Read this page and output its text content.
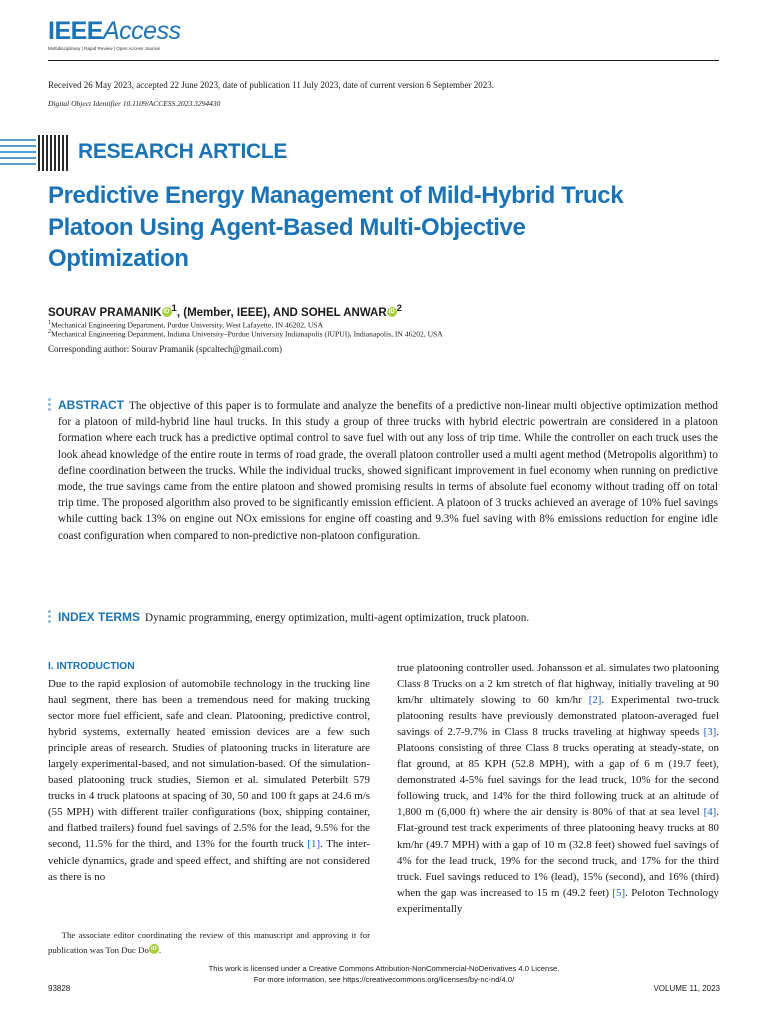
IEEEAccess
Multidisciplinary | Rapid Review | Open Access Journal
Received 26 May 2023, accepted 22 June 2023, date of publication 11 July 2023, date of current version 6 September 2023.
Digital Object Identifier 10.1109/ACCESS.2023.3294430
RESEARCH ARTICLE
Predictive Energy Management of Mild-Hybrid Truck Platoon Using Agent-Based Multi-Objective Optimization
SOURAV PRAMANIK iD $^1$, (Member, IEEE), AND SOHEL ANWAR iD $^2$
$^1$Mechanical Engineering Department, Purdue University, West Lafayette, IN 46202, USA
$^2$Mechanical Engineering Department, Indiana University–Purdue University Indianapolis (IUPUI), Indianapolis, IN 46202, USA
Corresponding author: Sourav Pramanik (spcaltech@gmail.com)
ABSTRACT The objective of this paper is to formulate and analyze the benefits of a predictive non-linear multi objective optimization method for a platoon of mild-hybrid line haul trucks. In this study a group of three trucks with hybrid electric powertrain are considered in a platoon formation where each truck has a predictive optimal control to save fuel with out any loss of trip time. While the controller on each truck uses the look ahead knowledge of the entire route in terms of road grade, the overall platoon controller used a multi agent method (Metropolis algorithm) to define coordination between the trucks. While the individual trucks, showed significant improvement in fuel economy when running on predictive mode, the true savings came from the entire platoon and showed promising results in terms of absolute fuel economy without trading off on total trip time. The proposed algorithm also proved to be significantly emission efficient. A platoon of 3 trucks achieved an average of 10% fuel savings while cutting back 13% on engine out NOx emissions for engine off coasting and 9.3% fuel saving with 8% emissions reduction for engine idle coast configuration when compared to non-predictive non-platoon configuration.
INDEX TERMS Dynamic programming, energy optimization, multi-agent optimization, truck platoon.
I. INTRODUCTION
Due to the rapid explosion of automobile technology in the trucking line haul segment, there has been a tremendous need for making trucking sector more fuel efficient, safe and clean. Platooning, predictive control, hybrid systems, externally heated emission devices are a few such principle areas of research. Studies of platooning trucks in literature are largely experimental-based, and not simulation-based. Of the simulation-based platooning truck studies, Siemon et al. simulated Peterbilt 579 trucks in 4 truck platoons at spacing of 30, 50 and 100 ft gaps at 24.6 m/s (55 MPH) with different trailer configurations (box, shipping container, and flatbed trailers) found fuel savings of 2.5% for the lead, 9.5% for the second, 11.5% for the third, and 13% for the fourth truck [1]. The inter-vehicle dynamics, grade and speed effect, and shifting are not considered as there is no
true platooning controller used. Johansson et al. simulates two platooning Class 8 Trucks on a 2 km stretch of flat highway, initially traveling at 90 km/hr ultimately slowing to 60 km/hr [2]. Experimental two-truck platooning results have previously demonstrated platoon-averaged fuel savings of 2.7-9.7% in Class 8 trucks traveling at highway speeds [3]. Platoons consisting of three Class 8 trucks operating at steady-state, on flat ground, at 85 KPH (52.8 MPH), with a gap of 6 m (19.7 feet), demonstrated 4-5% fuel savings for the lead truck, 10% for the second following truck, and 14% for the third following truck at an altitude of 1,800 m (6,000 ft) where the air density is 80% of that at sea level [4]. Flat-ground test track experiments of three platooning heavy trucks at 80 km/hr (49.7 MPH) with a gap of 10 m (32.8 feet) showed fuel savings of 4% for the lead truck, 19% for the second truck, and 17% for the third truck. Fuel savings reduced to 1% (lead), 15% (second), and 16% (third) when the gap was increased to 15 m (49.2 feet) [5]. Peloton Technology experimentally
The associate editor coordinating the review of this manuscript and approving it for publication was Ton Duc Do iD .
This work is licensed under a Creative Commons Attribution-NonCommercial-NoDerivatives 4.0 License.
For more information, see https://creativecommons.org/licenses/by-nc-nd/4.0/
93828	VOLUME 11, 2023
